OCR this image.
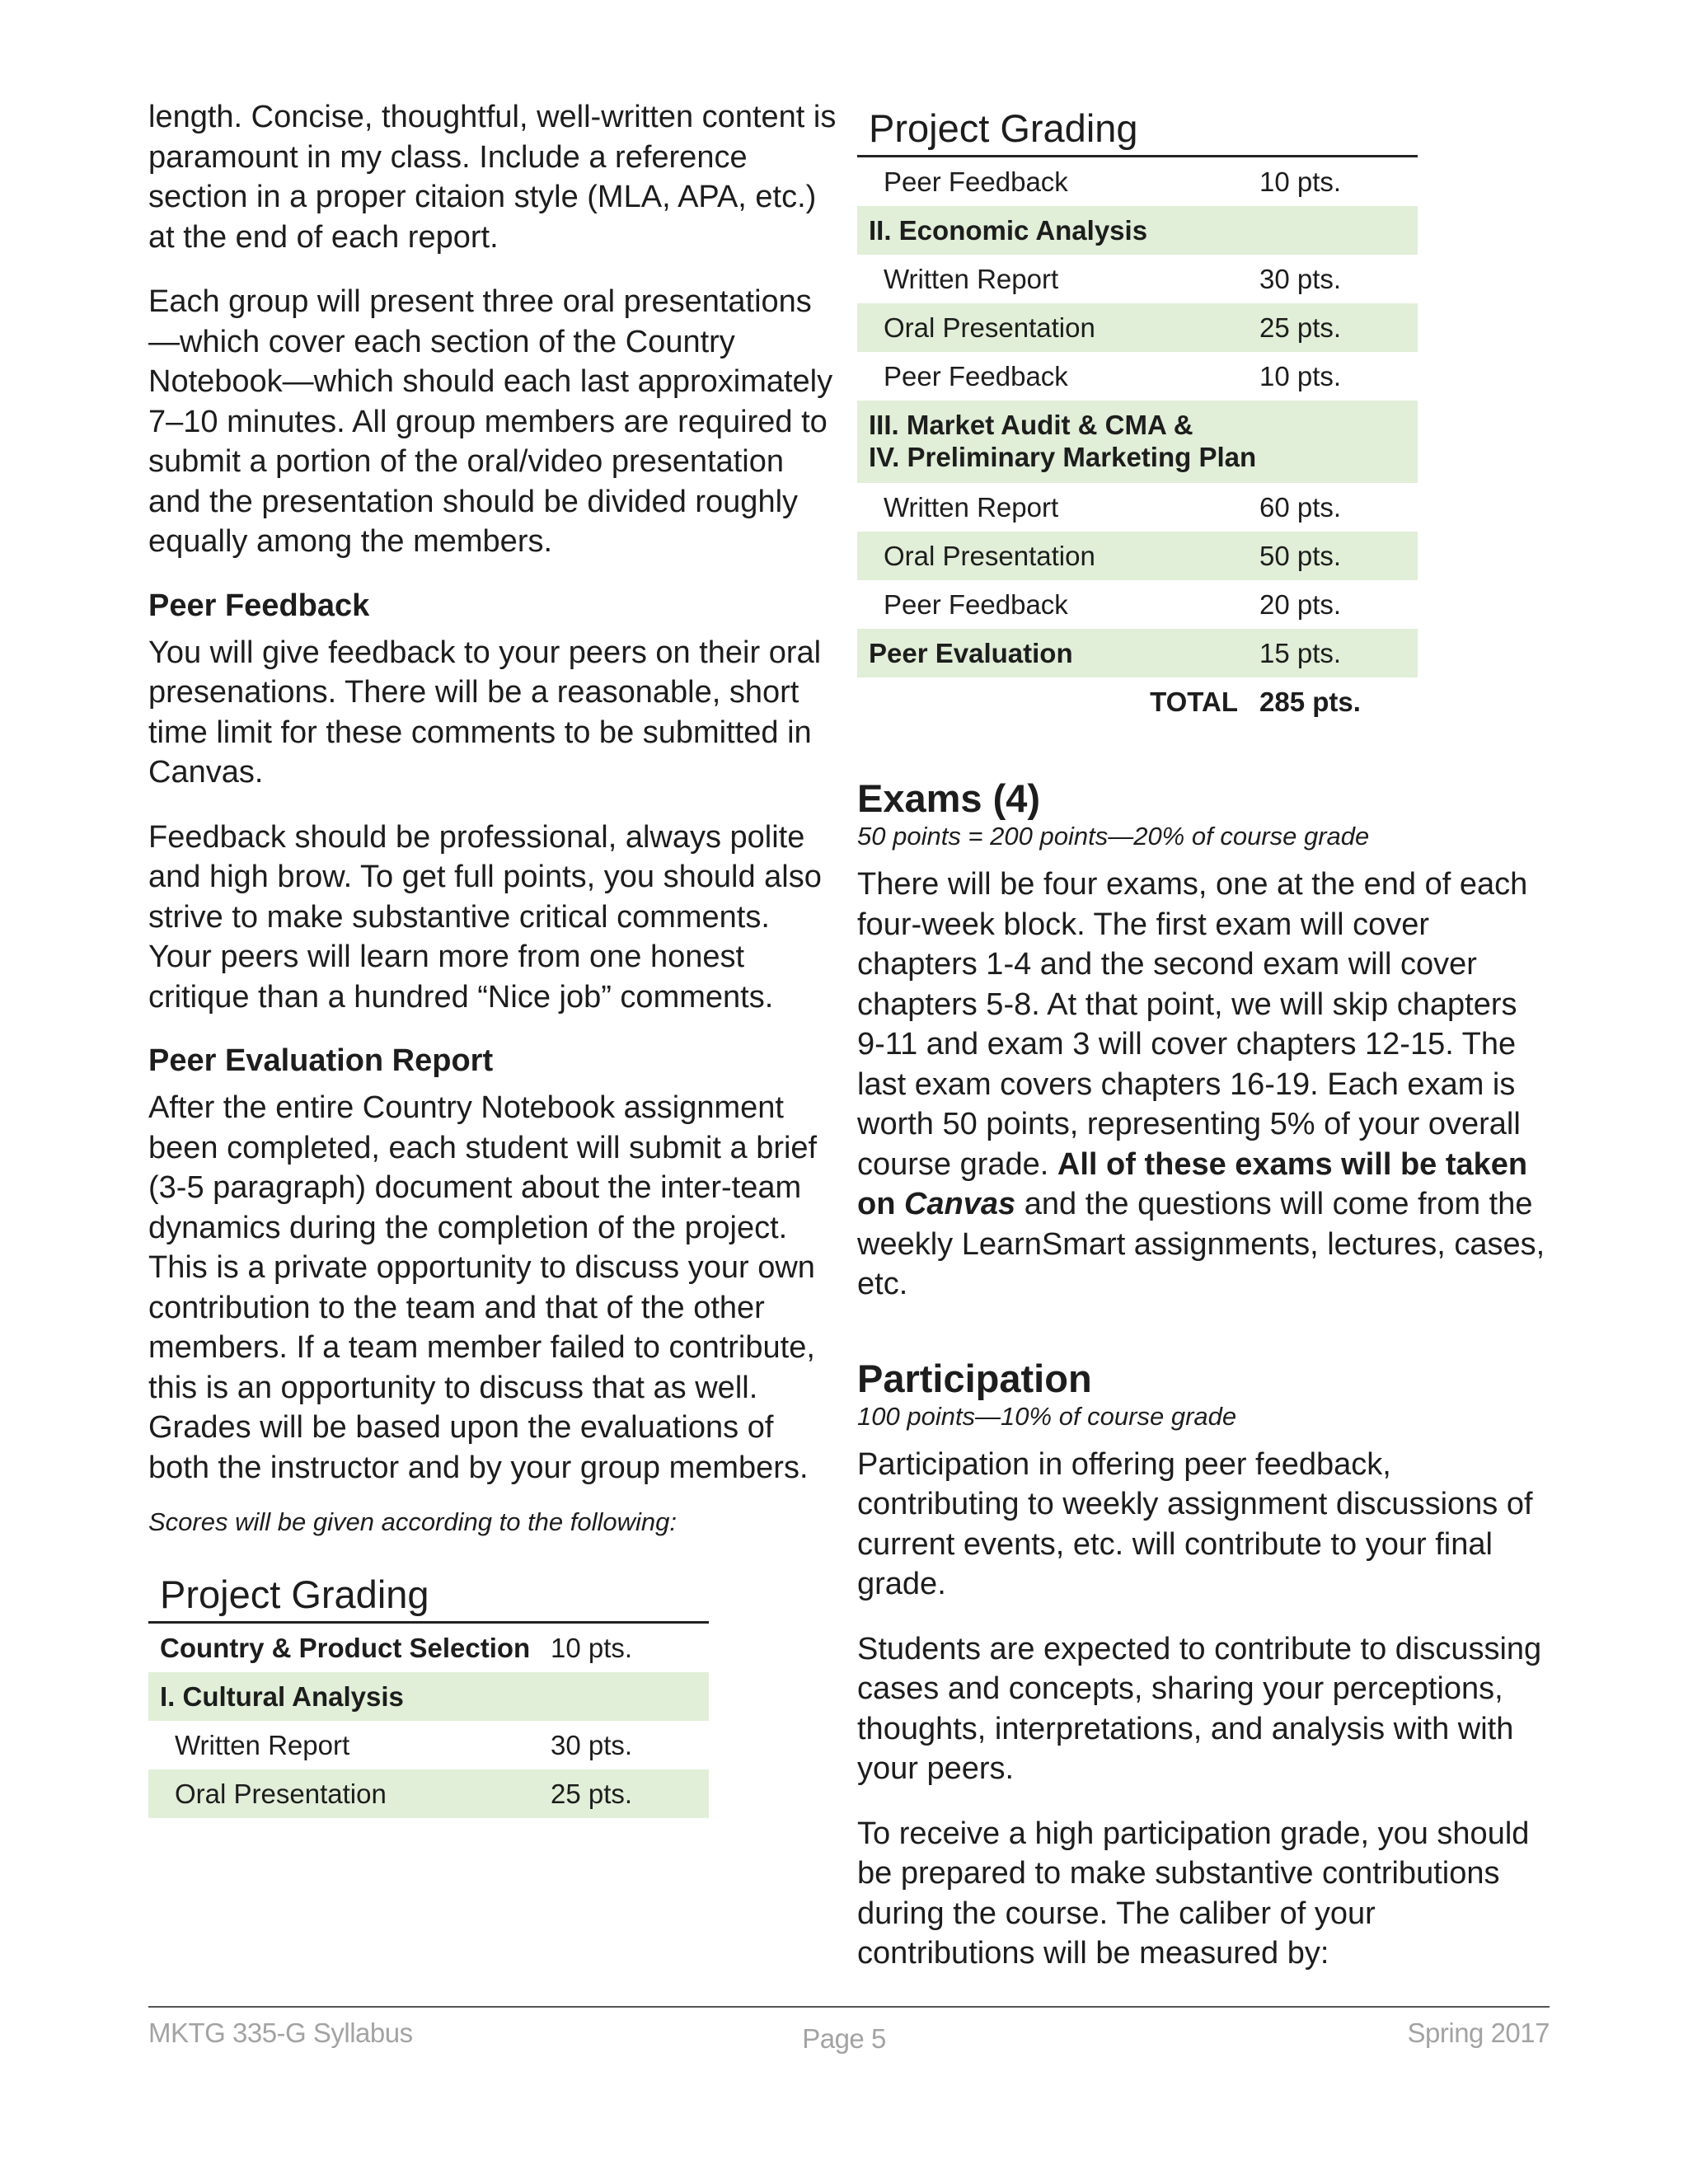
length. Concise, thoughtful, well-written content is paramount in my class. Include a reference section in a proper citaion style (MLA, APA, etc.) at the end of each report.

Each group will present three oral presentations—which cover each section of the Country Notebook—which should each last approximately 7–10 minutes. All group members are required to submit a portion of the oral/video presentation and the presentation should be divided roughly equally among the members.

Peer Feedback

You will give feedback to your peers on their oral presenations. There will be a reasonable, short time limit for these comments to be submitted in Canvas.

Feedback should be professional, always polite and high brow. To get full points, you should also strive to make substantive critical comments. Your peers will learn more from one honest critique than a hundred “Nice job” comments.

Peer Evaluation Report

After the entire Country Notebook assignment been completed, each student will submit a brief (3-5 paragraph) document about the inter-team dynamics during the completion of the project. This is a private opportunity to discuss your own contribution to the team and that of the other members. If a team member failed to contribute, this is an opportunity to discuss that as well. Grades will be based upon the evaluations of both the instructor and by your group members.

Scores will be given according to the following:

Project Grading
Country & Product Selection 10 pts.
I. Cultural Analysis
Written Report	30 pts.
Oral Presentation	25 pts.
Project Grading
Peer Feedback	10 pts.
II. Economic Analysis
Written Report	30 pts.
Oral Presentation	25 pts.
Peer Feedback	10 pts.
III. Market Audit & CMA &
IV. Preliminary Marketing Plan
Written Report	60 pts.
Oral Presentation	50 pts.
Peer Feedback	20 pts.
Peer Evaluation	15 pts.
TOTAL 285 pts.
Exams (4)
50 points = 200 points—20% of course grade

There will be four exams, one at the end of each four-week block. The first exam will cover chapters 1-4 and the second exam will cover chapters 5-8. At that point, we will skip chapters 9-11 and exam 3 will cover chapters 12-15. The last exam covers chapters 16-19. Each exam is worth 50 points, representing 5% of your overall course grade. All of these exams will be taken on Canvas and the questions will come from the weekly LearnSmart assignments, lectures, cases, etc.

Participation
100 points—10% of course grade

Participation in offering peer feedback, contributing to weekly assignment discussions of current events, etc. will contribute to your final grade.

Students are expected to contribute to discussing cases and concepts, sharing your perceptions, thoughts, interpretations, and analysis with with your peers.

To receive a high participation grade, you should be prepared to make substantive contributions during the course. The caliber of your contributions will be measured by:

MKTG 335-G Syllabus	Page 5	Spring 2017
